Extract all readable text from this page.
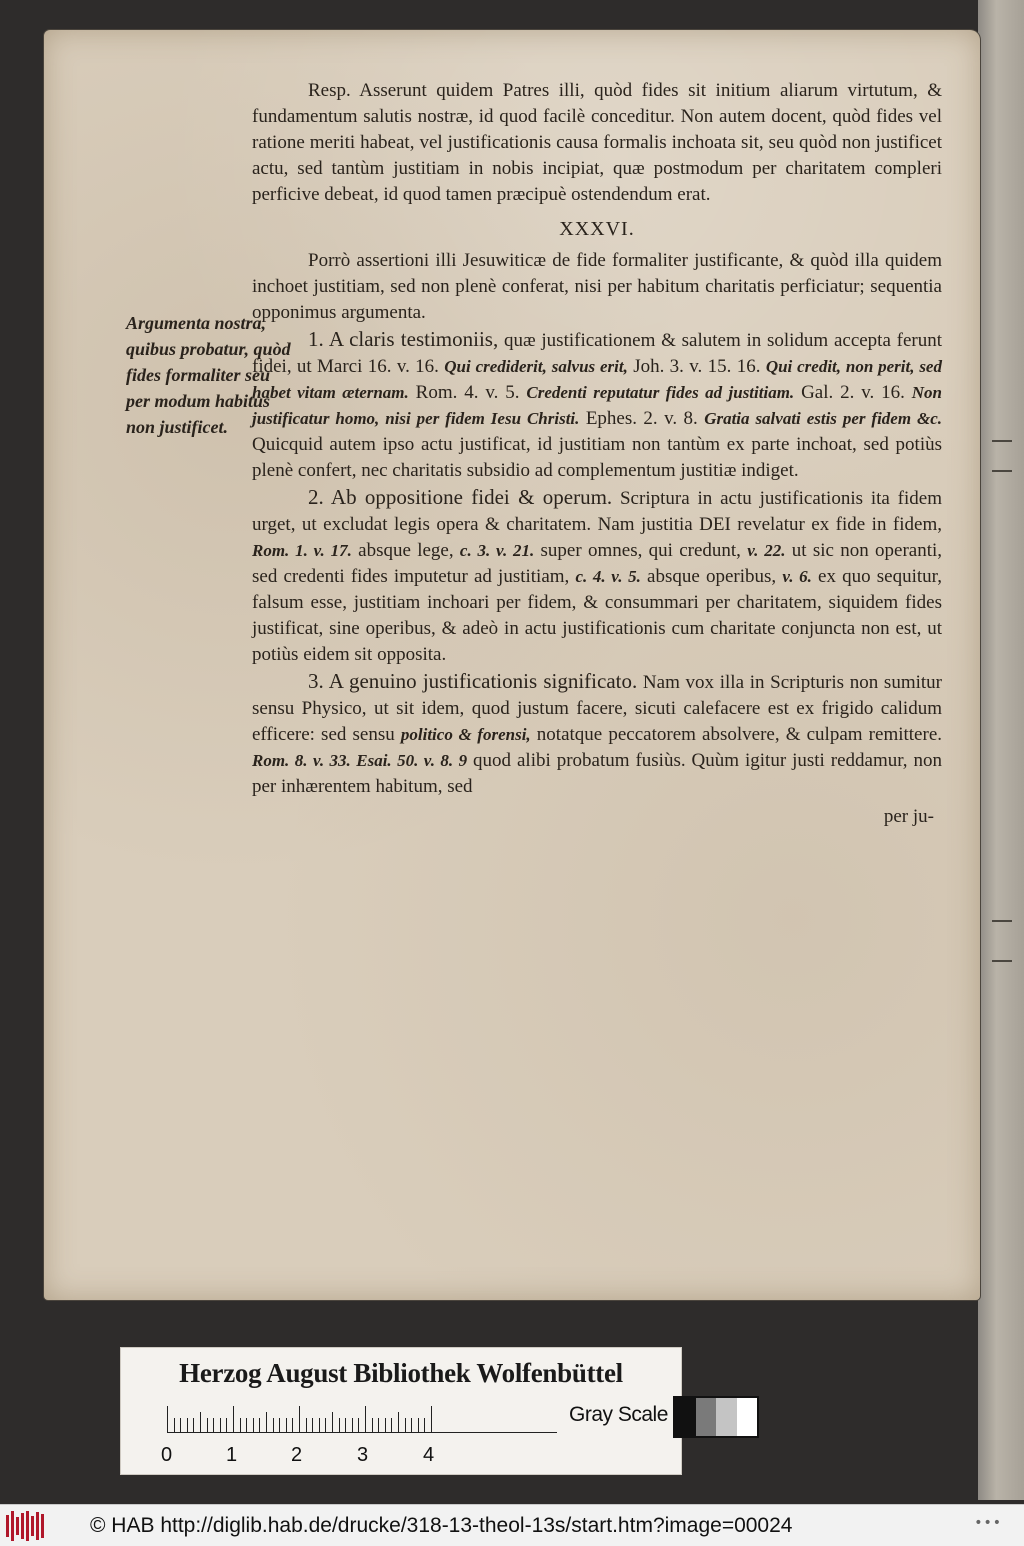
Argumenta nostra, quibus probatur, quòd fides formaliter seu per modum habitus non justificet.

Resp. Asserunt quidem Patres illi, quòd fides sit initium aliarum virtutum, & fundamentum salutis nostræ, id quod facilè conceditur. Non autem docent, quòd fides vel ratione meriti habeat, vel justificationis causa formalis inchoata sit, seu quòd non justificet actu, sed tantùm justitiam in nobis incipiat, quæ postmodum per charitatem compleri perficive debeat, id quod tamen præcipuè ostendendum erat.

XXXVI.

Porrò assertioni illi Jesuwiticæ de fide formaliter justificante, & quòd illa quidem inchoet justitiam, sed non plenè conferat, nisi per habitum charitatis perficiatur; sequentia opponimus argumenta.

1. A claris testimoniis, quæ justificationem & salutem in solidum accepta ferunt fidei, ut Marci 16. v. 16. Qui crediderit, salvus erit, Joh. 3. v. 15. 16. Qui credit, non perit, sed habet vitam æternam. Rom. 4. v. 5. Credenti reputatur fides ad justitiam. Gal. 2. v. 16. Non justificatur homo, nisi per fidem Iesu Christi. Ephes. 2. v. 8. Gratia salvati estis per fidem &c. Quicquid autem ipso actu justificat, id justitiam non tantùm ex parte inchoat, sed potiùs plenè confert, nec charitatis subsidio ad complementum justitiæ indiget.

2. Ab oppositione fidei & operum. Scriptura in actu justificationis ita fidem urget, ut excludat legis opera & charitatem. Nam justitia DEI revelatur ex fide in fidem, Rom. 1. v. 17. absque lege, c. 3. v. 21. super omnes, qui credunt, v. 22. ut sic non operanti, sed credenti fides imputetur ad justitiam, c. 4. v. 5. absque operibus, v. 6. ex quo sequitur, falsum esse, justitiam inchoari per fidem, & consummari per charitatem, siquidem fides justificat, sine operibus, & adeò in actu justificationis cum charitate conjuncta non est, ut potiùs eidem sit opposita.

3. A genuino justificationis significato. Nam vox illa in Scripturis non sumitur sensu Physico, ut sit idem, quod justum facere, sicuti calefacere est ex frigido calidum efficere: sed sensu politico & forensi, notatque peccatorem absolvere, & culpam remittere. Rom. 8. v. 33. Esai. 50. v. 8. 9 quod alibi probatum fusiùs. Quùm igitur justi reddamur, non per inhærentem habitum, sed

per ju-

Herzog August Bibliothek Wolfenbüttel
0	1	2	3	4
Gray Scale
© HAB http://diglib.hab.de/drucke/318-13-theol-13s/start.htm?image=00024	•••
